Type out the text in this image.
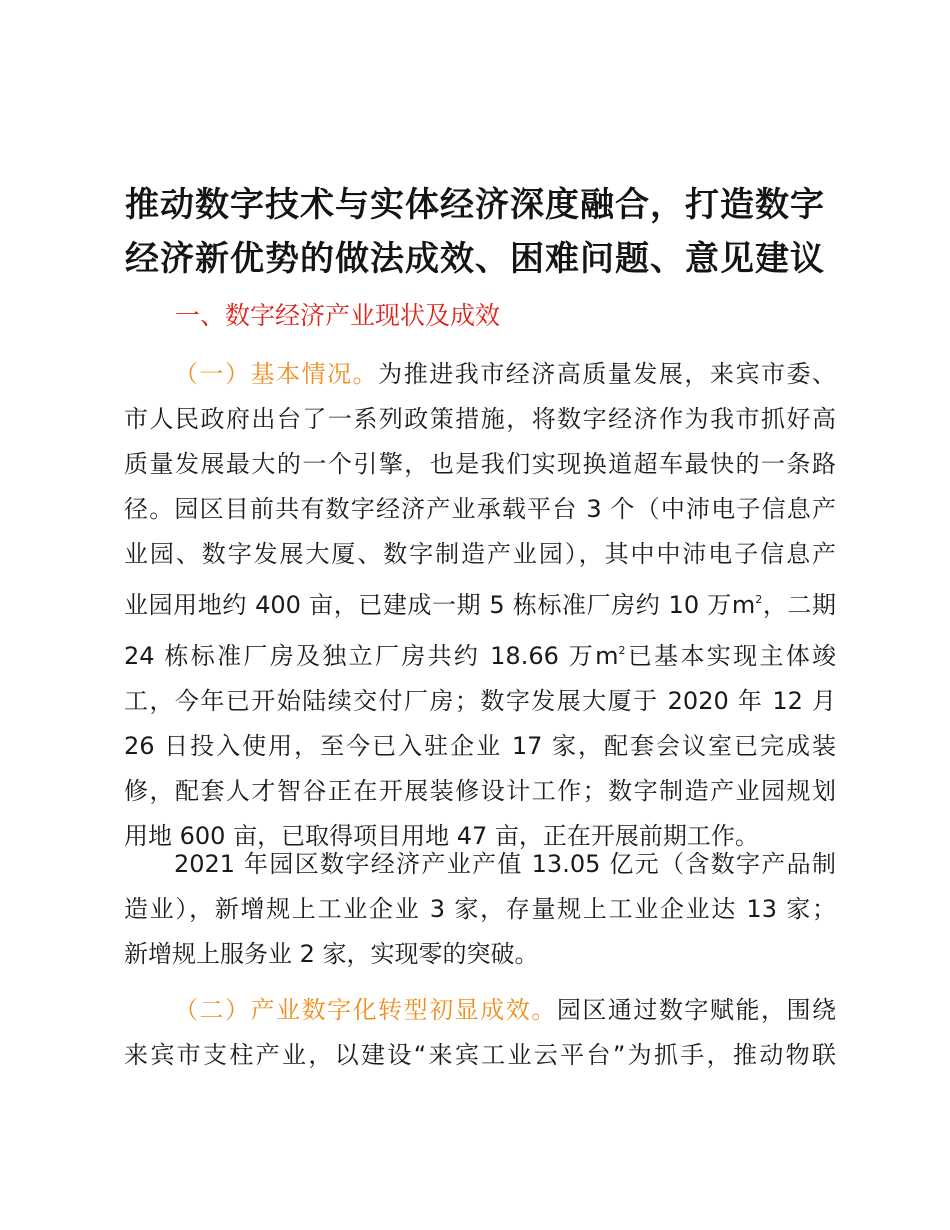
推动数字技术与实体经济深度融合，打造数字
经济新优势的做法成效、困难问题、意见建议
一、数字经济产业现状及成效
（一）基本情况。为推进我市经济高质量发展，来宾市委、
市人民政府出台了一系列政策措施，将数字经济作为我市抓好高
质量发展最大的一个引擎，也是我们实现换道超车最快的一条路
径。园区目前共有数字经济产业承载平台 3 个（中沛电子信息产
业园、数字发展大厦、数字制造产业园），其中中沛电子信息产
业园用地约 400 亩，已建成一期 5 栋标准厂房约 10 万$m^2$，二期
24 栋标准厂房及独立厂房共约 18.66 万$m^2$已基本实现主体竣
工，今年已开始陆续交付厂房；数字发展大厦于 2020 年 12 月
26 日投入使用，至今已入驻企业 17 家，配套会议室已完成装
修，配套人才智谷正在开展装修设计工作；数字制造产业园规划
用地 600 亩，已取得项目用地 47 亩，正在开展前期工作。
2021 年园区数字经济产业产值 13.05 亿元（含数字产品制
造业），新增规上工业企业 3 家，存量规上工业企业达 13 家；
新增规上服务业 2 家，实现零的突破。
（二）产业数字化转型初显成效。园区通过数字赋能，围绕
来宾市支柱产业，以建设“来宾工业云平台”为抓手，推动物联
